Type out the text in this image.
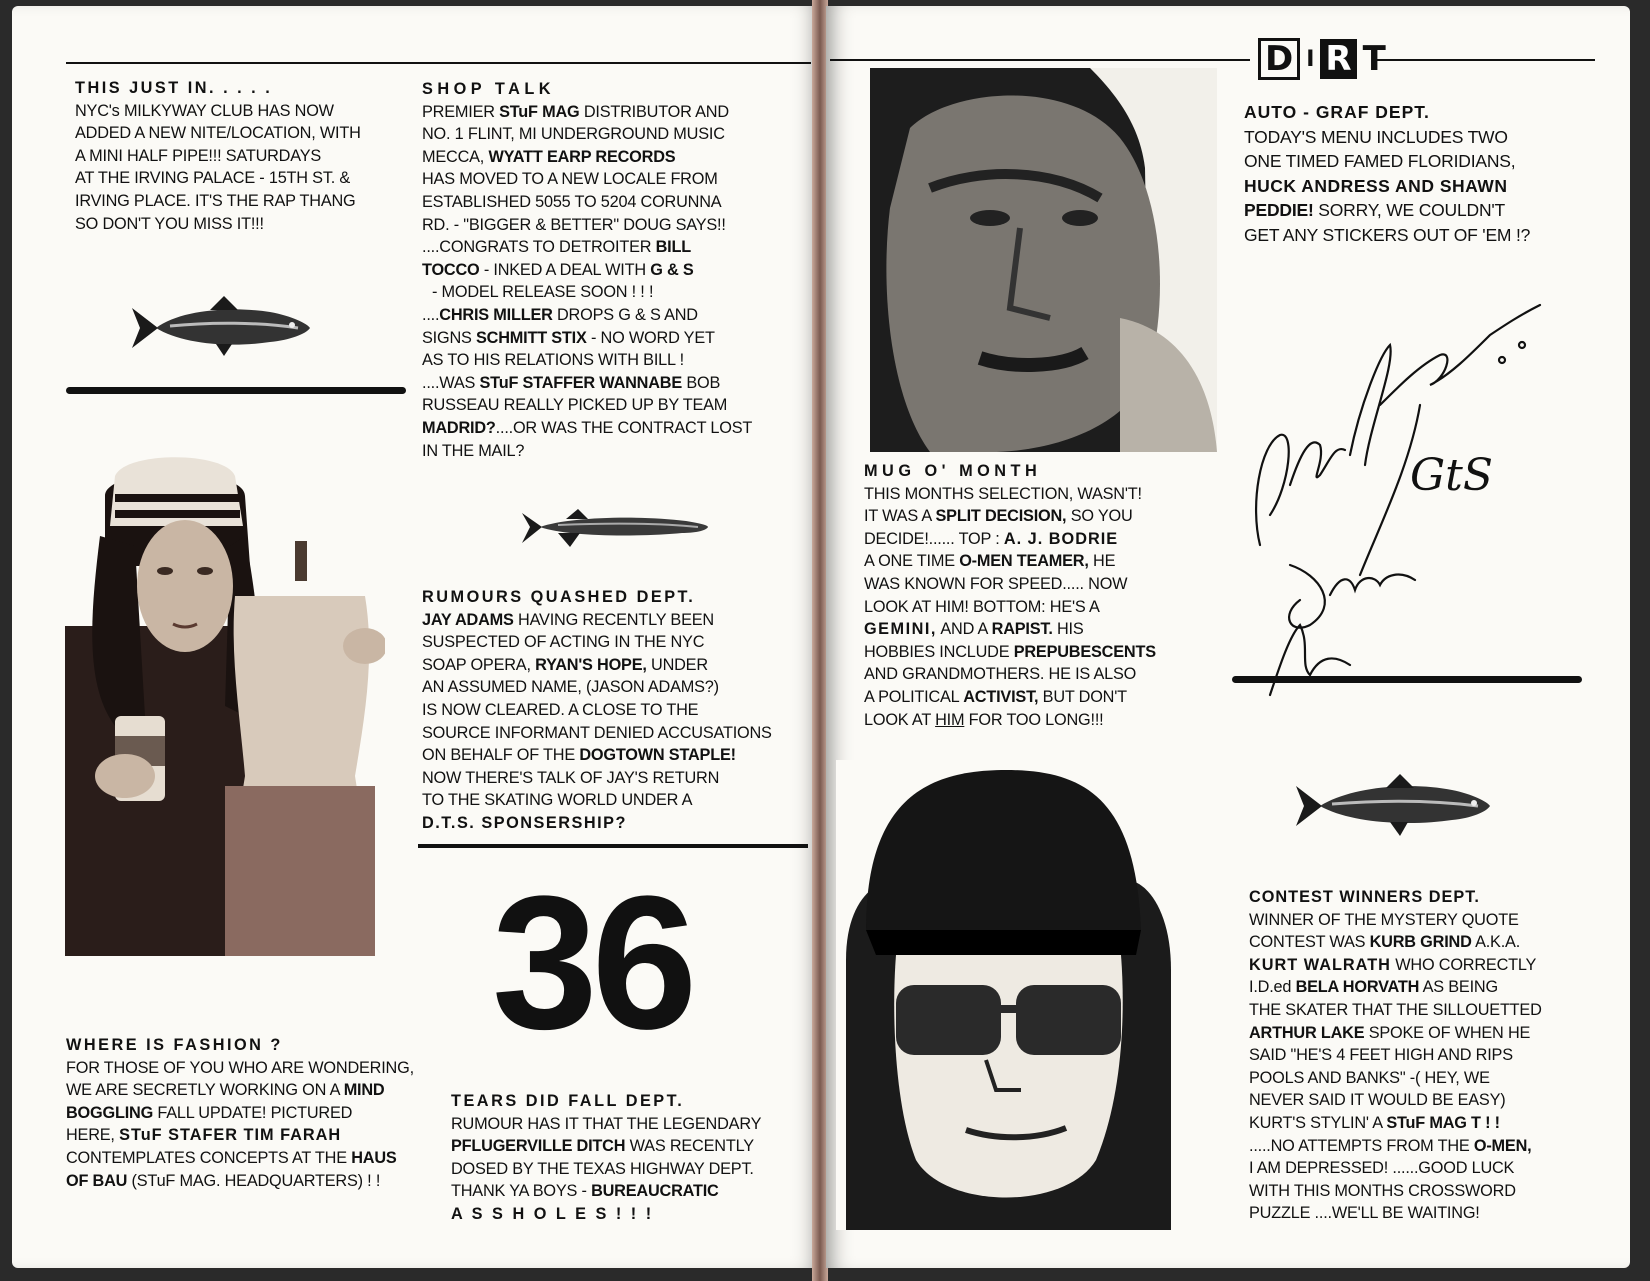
D I R T

THIS JUST IN. . . . .

NYC's MILKYWAY CLUB HAS NOW

ADDED A NEW NITE/LOCATION, WITH

A MINI HALF PIPE!!! SATURDAYS

AT THE IRVING PALACE - 15TH ST. &

IRVING PLACE. IT'S THE RAP THANG

SO DON'T YOU MISS IT!!!

SHOP TALK

PREMIER STuF MAG DISTRIBUTOR AND

NO. 1 FLINT, MI UNDERGROUND MUSIC

MECCA, WYATT EARP RECORDS

HAS MOVED TO A NEW LOCALE FROM

ESTABLISHED 5055 TO 5204 CORUNNA

RD. - "BIGGER & BETTER" DOUG SAYS!!

....CONGRATS TO DETROITER BILL

TOCCO - INKED A DEAL WITH G & S

- MODEL RELEASE SOON ! ! !

....CHRIS MILLER DROPS G & S AND

SIGNS SCHMITT STIX - NO WORD YET

AS TO HIS RELATIONS WITH BILL !

....WAS STuF STAFFER WANNABE BOB

RUSSEAU REALLY PICKED UP BY TEAM

MADRID?....OR WAS THE CONTRACT LOST

IN THE MAIL?

RUMOURS QUASHED DEPT.

JAY ADAMS HAVING RECENTLY BEEN

SUSPECTED OF ACTING IN THE NYC

SOAP OPERA, RYAN'S HOPE, UNDER

AN ASSUMED NAME, (JASON ADAMS?)

IS NOW CLEARED. A CLOSE TO THE

SOURCE INFORMANT DENIED ACCUSATIONS

ON BEHALF OF THE DOGTOWN STAPLE!

NOW THERE'S TALK OF JAY'S RETURN

TO THE SKATING WORLD UNDER A

D.T.S. SPONSERSHIP?

36

WHERE IS FASHION ?

FOR THOSE OF YOU WHO ARE WONDERING,

WE ARE SECRETLY WORKING ON A MIND

BOGGLING FALL UPDATE! PICTURED

HERE, STuF STAFER TIM FARAH

CONTEMPLATES CONCEPTS AT THE HAUS

OF BAU (STuF MAG. HEADQUARTERS) ! !

TEARS DID FALL DEPT.

RUMOUR HAS IT THAT THE LEGENDARY

PFLUGERVILLE DITCH WAS RECENTLY

DOSED BY THE TEXAS HIGHWAY DEPT.

THANK YA BOYS - BUREAUCRATIC

A S S H O L E S ! ! !

MUG O' MONTH

THIS MONTHS SELECTION, WASN'T!

IT WAS A SPLIT DECISION, SO YOU

DECIDE!...... TOP : A. J. BODRIE

A ONE TIME O-MEN TEAMER, HE

WAS KNOWN FOR SPEED..... NOW

LOOK AT HIM! BOTTOM: HE'S A

GEMINI, AND A RAPIST. HIS

HOBBIES INCLUDE PREPUBESCENTS

AND GRANDMOTHERS. HE IS ALSO

A POLITICAL ACTIVIST, BUT DON'T

LOOK AT HIM FOR TOO LONG!!!

AUTO - GRAF DEPT.

TODAY'S MENU INCLUDES TWO

ONE TIMED FAMED FLORIDIANS,

HUCK ANDRESS AND SHAWN

PEDDIE! SORRY, WE COULDN'T

GET ANY STICKERS OUT OF 'EM !?

GtS

CONTEST WINNERS DEPT.

WINNER OF THE MYSTERY QUOTE

CONTEST WAS KURB GRIND A.K.A.

KURT WALRATH WHO CORRECTLY

I.D.ed BELA HORVATH AS BEING

THE SKATER THAT THE SILLOUETTED

ARTHUR LAKE SPOKE OF WHEN HE

SAID "HE'S 4 FEET HIGH AND RIPS

POOLS AND BANKS" -( HEY, WE

NEVER SAID IT WOULD BE EASY)

KURT'S STYLIN' A STuF MAG T ! !

.....NO ATTEMPTS FROM THE O-MEN,

I AM DEPRESSED! ......GOOD LUCK

WITH THIS MONTHS CROSSWORD

PUZZLE ....WE'LL BE WAITING!
